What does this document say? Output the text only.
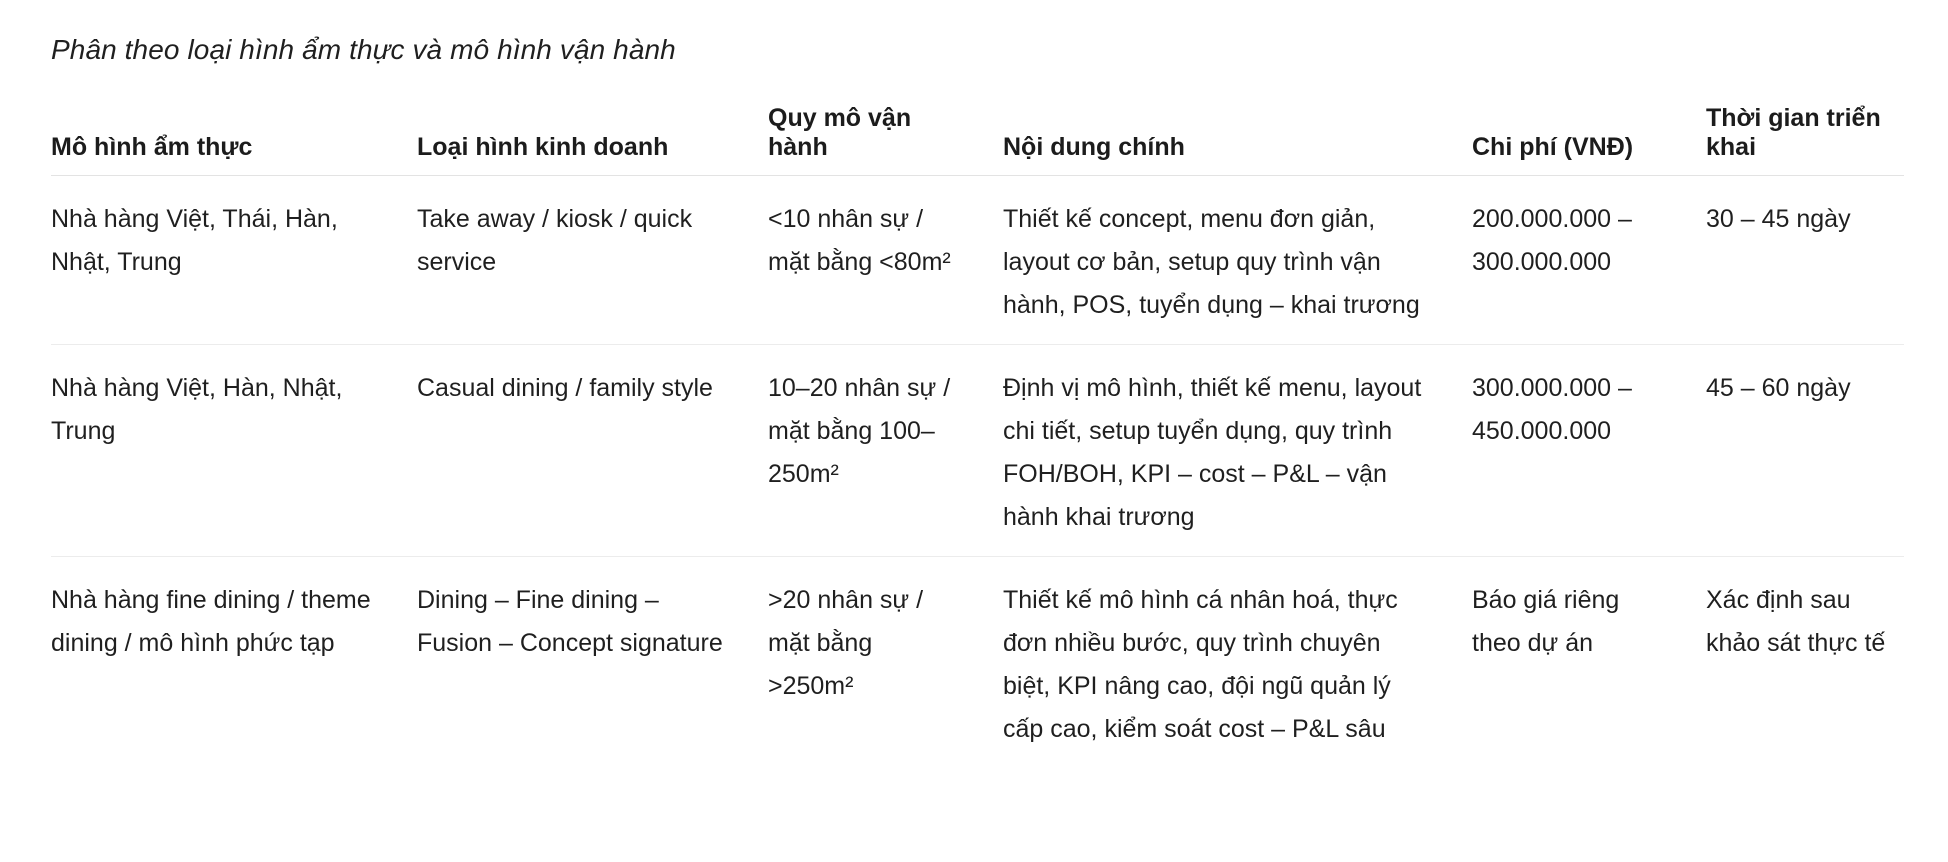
Phân theo loại hình ẩm thực và mô hình vận hành
Mô hình ẩm thực	Loại hình kinh doanh	Quy mô vận hành	Nội dung chính	Chi phí (VNĐ)	Thời gian triển khai
Nhà hàng Việt, Thái, Hàn, Nhật, Trung	Take away / kiosk / quick service	<10 nhân sự / mặt bằng <80m²	Thiết kế concept, menu đơn giản, layout cơ bản, setup quy trình vận hành, POS, tuyển dụng – khai trương	200.000.000 – 300.000.000	30 – 45 ngày
Nhà hàng Việt, Hàn, Nhật, Trung	Casual dining / family style	10–20 nhân sự / mặt bằng 100–250m²	Định vị mô hình, thiết kế menu, layout chi tiết, setup tuyển dụng, quy trình FOH/BOH, KPI – cost – P&L – vận hành khai trương	300.000.000 – 450.000.000	45 – 60 ngày
Nhà hàng fine dining / theme dining / mô hình phức tạp	Dining – Fine dining – Fusion – Concept signature	>20 nhân sự / mặt bằng >250m²	Thiết kế mô hình cá nhân hoá, thực đơn nhiều bước, quy trình chuyên biệt, KPI nâng cao, đội ngũ quản lý cấp cao, kiểm soát cost – P&L sâu	Báo giá riêng theo dự án	Xác định sau khảo sát thực tế
